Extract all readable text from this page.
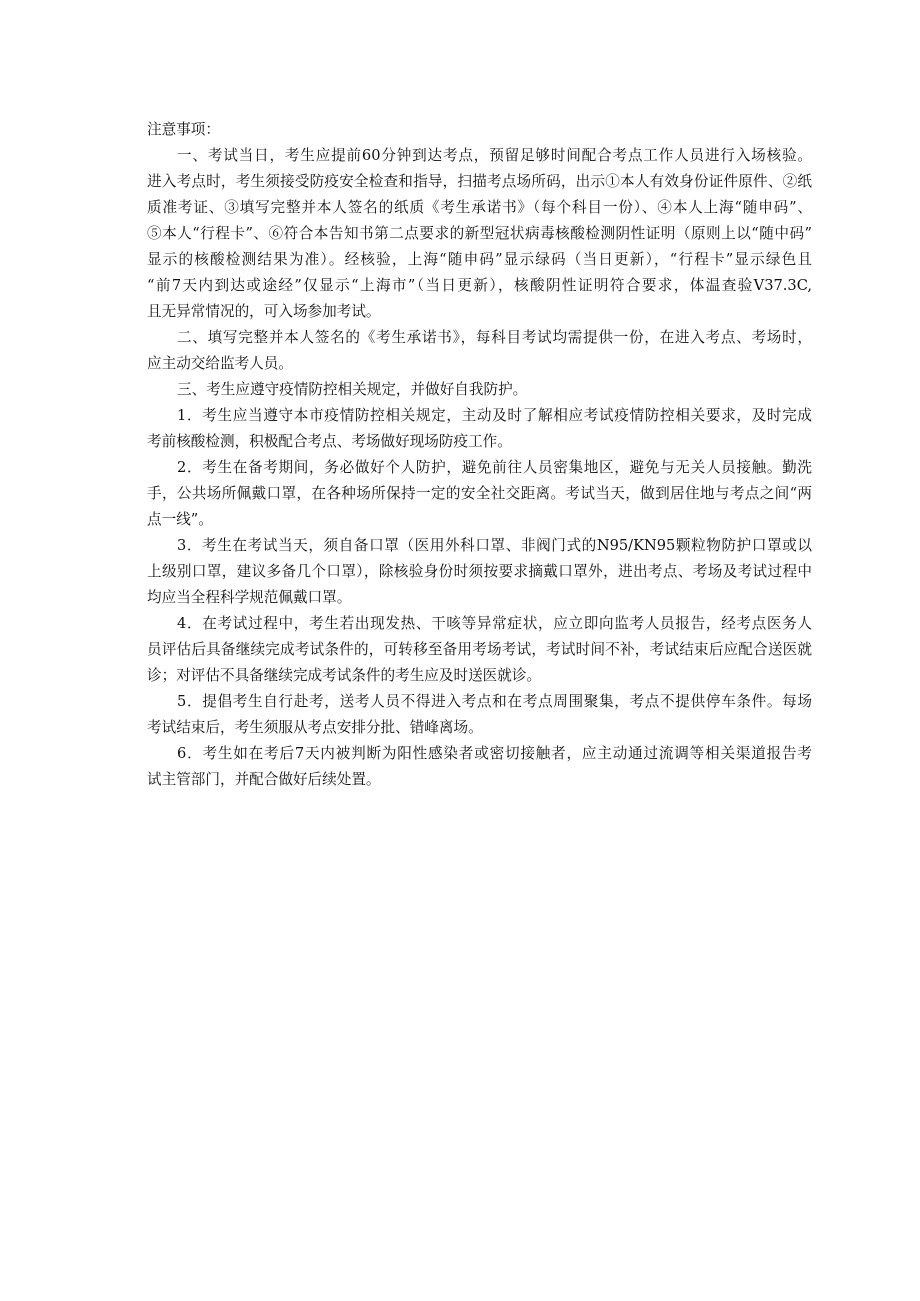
注意事项：
一、考试当日，考生应提前60分钟到达考点，预留足够时间配合考点工作人员进行入场核验。
进入考点时，考生须接受防疫安全检查和指导，扫描考点场所码，出示①本人有效身份证件原件、②纸
质准考证、③填写完整并本人签名的纸质《考生承诺书》（每个科目一份）、④本人上海“随申码”、
⑤本人“行程卡”、⑥符合本告知书第二点要求的新型冠状病毒核酸检测阴性证明（原则上以“随中码”
显示的核酸检测结果为准）。经核验，上海“随申码”显示绿码（当日更新），“行程卡”显示绿色且
“前7天内到达或途经”仅显示“上海市”（当日更新），核酸阴性证明符合要求，体温查验V37.3C,
且无异常情况的，可入场参加考试。
二、填写完整并本人签名的《考生承诺书》，每科目考试均需提供一份，在进入考点、考场时，
应主动交给监考人员。
三、考生应遵守疫情防控相关规定，并做好自我防护。
1．考生应当遵守本市疫情防控相关规定，主动及时了解相应考试疫情防控相关要求，及时完成
考前核酸检测，积极配合考点、考场做好现场防疫工作。
2．考生在备考期间，务必做好个人防护，避免前往人员密集地区，避免与无关人员接触。勤洗
手，公共场所佩戴口罩，在各种场所保持一定的安全社交距离。考试当天，做到居住地与考点之间“两
点一线”。
3．考生在考试当天，须自备口罩（医用外科口罩、非阀门式的N95/KN95颗粒物防护口罩或以
上级别口罩，建议多备几个口罩），除核验身份时须按要求摘戴口罩外，进出考点、考场及考试过程中
均应当全程科学规范佩戴口罩。
4．在考试过程中，考生若出现发热、干咳等异常症状，应立即向监考人员报告，经考点医务人
员评估后具备继续完成考试条件的，可转移至备用考场考试，考试时间不补，考试结束后应配合送医就
诊；对评估不具备继续完成考试条件的考生应及时送医就诊。
5．提倡考生自行赴考，送考人员不得进入考点和在考点周围聚集，考点不提供停车条件。每场
考试结束后，考生须服从考点安排分批、错峰离场。
6．考生如在考后7天内被判断为阳性感染者或密切接触者，应主动通过流调等相关渠道报告考
试主管部门，并配合做好后续处置。
